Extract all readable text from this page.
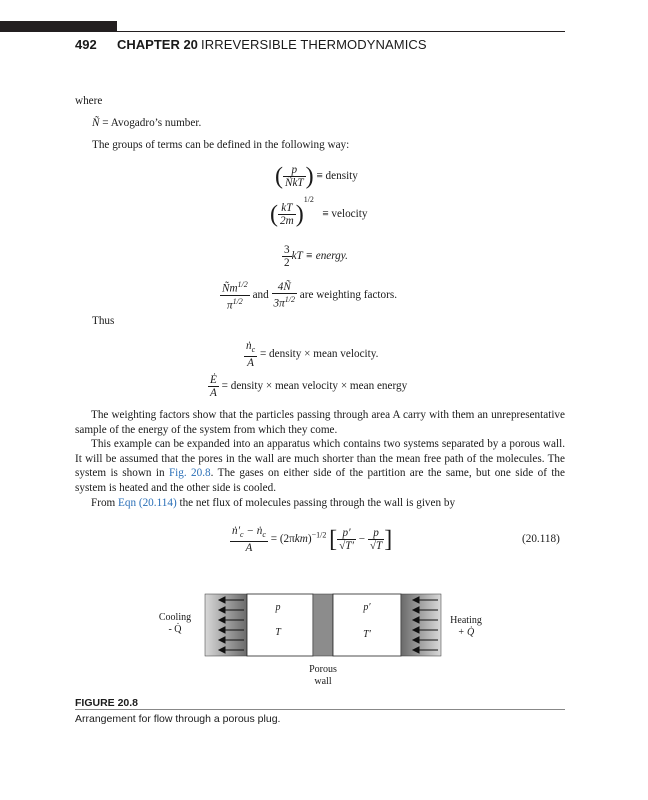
492 CHAPTER 20 IRREVERSIBLE THERMODYNAMICS
where
Ñ = Avogadro’s number.
The groups of terms can be defined in the following way:
( $\frac{p}{\text{ÑkT}}$ ) ≡ density
( $\frac{kT}{2m} )^{1/2}$   ≡ velocity
$\frac{3}{2}$ kT ≡ energy.
$\frac{Ñm^{1/2}}{\pi^{1/2}}$ and $\frac{4Ñ}{3\pi^{1/2}}$ are weighting factors.
Thus
$\frac{ṅ_c}{A}$ = density × mean velocity.
$\frac{Ė}{A}$ = density × mean velocity × mean energy

The weighting factors show that the particles passing through area A carry with them an unrepresentative sample of the energy of the system from which they come.

This example can be expanded into an apparatus which contains two systems separated by a porous wall. It will be assumed that the pores in the wall are much shorter than the mean free path of the molecules. The system is shown in Fig. 20.8. The gases on either side of the partition are the same, but one side of the system is heated and the other side is cooled.

From Eqn (20.114) the net flux of molecules passing through the wall is given by

$\frac{ṅ'_c - ṅ_c}{A} = (2\pi km)^{-1/2}$ [ $\frac{p'}{√T'} - \frac{p}{√T}$ ]	(20.118)
Cooling
- Q̇
Heating
+ Q̇
p
T
p′
T′
Porous
wall
FIGURE 20.8
Arrangement for flow through a porous plug.
